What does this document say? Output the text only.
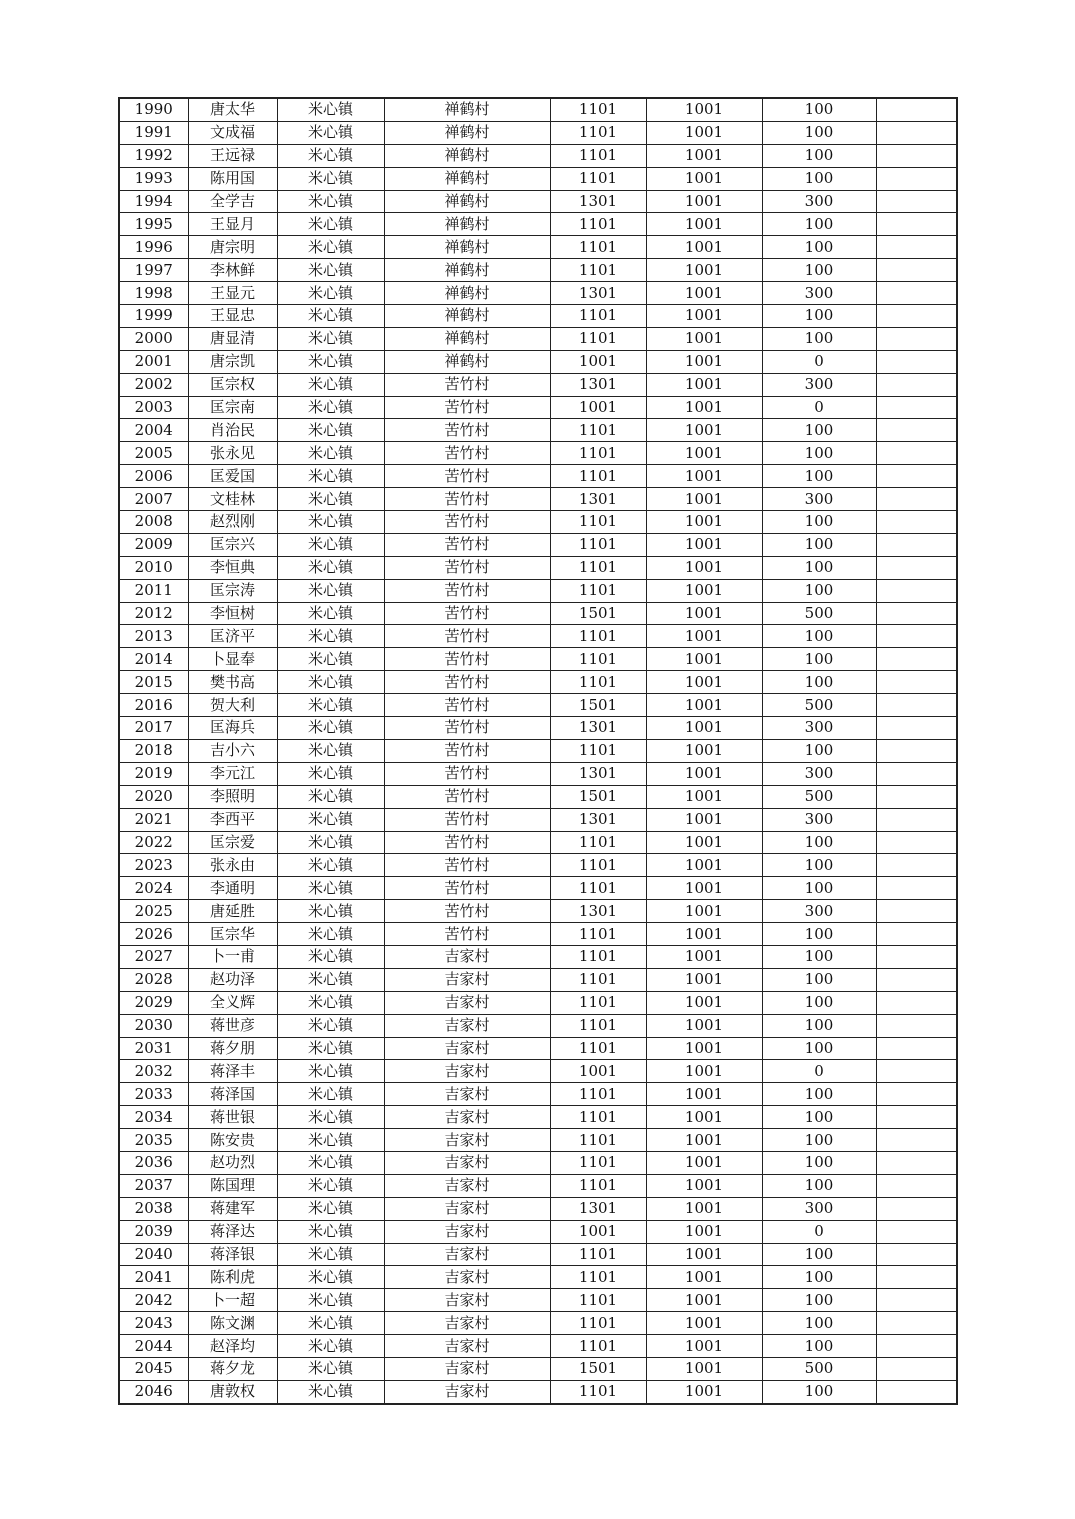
1990	唐太华	米心镇	禅鹤村	1101	1001	100	
1991	文成福	米心镇	禅鹤村	1101	1001	100	
1992	王远禄	米心镇	禅鹤村	1101	1001	100	
1993	陈用国	米心镇	禅鹤村	1101	1001	100	
1994	全学吉	米心镇	禅鹤村	1301	1001	300	
1995	王显月	米心镇	禅鹤村	1101	1001	100	
1996	唐宗明	米心镇	禅鹤村	1101	1001	100	
1997	李林鲜	米心镇	禅鹤村	1101	1001	100	
1998	王显元	米心镇	禅鹤村	1301	1001	300	
1999	王显忠	米心镇	禅鹤村	1101	1001	100	
2000	唐显清	米心镇	禅鹤村	1101	1001	100	
2001	唐宗凯	米心镇	禅鹤村	1001	1001	0	
2002	匡宗权	米心镇	苦竹村	1301	1001	300	
2003	匡宗南	米心镇	苦竹村	1001	1001	0	
2004	肖治民	米心镇	苦竹村	1101	1001	100	
2005	张永见	米心镇	苦竹村	1101	1001	100	
2006	匡爱国	米心镇	苦竹村	1101	1001	100	
2007	文桂林	米心镇	苦竹村	1301	1001	300	
2008	赵烈刚	米心镇	苦竹村	1101	1001	100	
2009	匡宗兴	米心镇	苦竹村	1101	1001	100	
2010	李恒典	米心镇	苦竹村	1101	1001	100	
2011	匡宗涛	米心镇	苦竹村	1101	1001	100	
2012	李恒树	米心镇	苦竹村	1501	1001	500	
2013	匡济平	米心镇	苦竹村	1101	1001	100	
2014	卜显奉	米心镇	苦竹村	1101	1001	100	
2015	樊书高	米心镇	苦竹村	1101	1001	100	
2016	贺大利	米心镇	苦竹村	1501	1001	500	
2017	匡海兵	米心镇	苦竹村	1301	1001	300	
2018	吉小六	米心镇	苦竹村	1101	1001	100	
2019	李元江	米心镇	苦竹村	1301	1001	300	
2020	李照明	米心镇	苦竹村	1501	1001	500	
2021	李西平	米心镇	苦竹村	1301	1001	300	
2022	匡宗爱	米心镇	苦竹村	1101	1001	100	
2023	张永由	米心镇	苦竹村	1101	1001	100	
2024	李通明	米心镇	苦竹村	1101	1001	100	
2025	唐延胜	米心镇	苦竹村	1301	1001	300	
2026	匡宗华	米心镇	苦竹村	1101	1001	100	
2027	卜一甫	米心镇	吉家村	1101	1001	100	
2028	赵功泽	米心镇	吉家村	1101	1001	100	
2029	全义辉	米心镇	吉家村	1101	1001	100	
2030	蒋世彦	米心镇	吉家村	1101	1001	100	
2031	蒋夕朋	米心镇	吉家村	1101	1001	100	
2032	蒋泽丰	米心镇	吉家村	1001	1001	0	
2033	蒋泽国	米心镇	吉家村	1101	1001	100	
2034	蒋世银	米心镇	吉家村	1101	1001	100	
2035	陈安贵	米心镇	吉家村	1101	1001	100	
2036	赵功烈	米心镇	吉家村	1101	1001	100	
2037	陈国理	米心镇	吉家村	1101	1001	100	
2038	蒋建军	米心镇	吉家村	1301	1001	300	
2039	蒋泽达	米心镇	吉家村	1001	1001	0	
2040	蒋泽银	米心镇	吉家村	1101	1001	100	
2041	陈利虎	米心镇	吉家村	1101	1001	100	
2042	卜一超	米心镇	吉家村	1101	1001	100	
2043	陈文渊	米心镇	吉家村	1101	1001	100	
2044	赵泽均	米心镇	吉家村	1101	1001	100	
2045	蒋夕龙	米心镇	吉家村	1501	1001	500	
2046	唐敦权	米心镇	吉家村	1101	1001	100	
